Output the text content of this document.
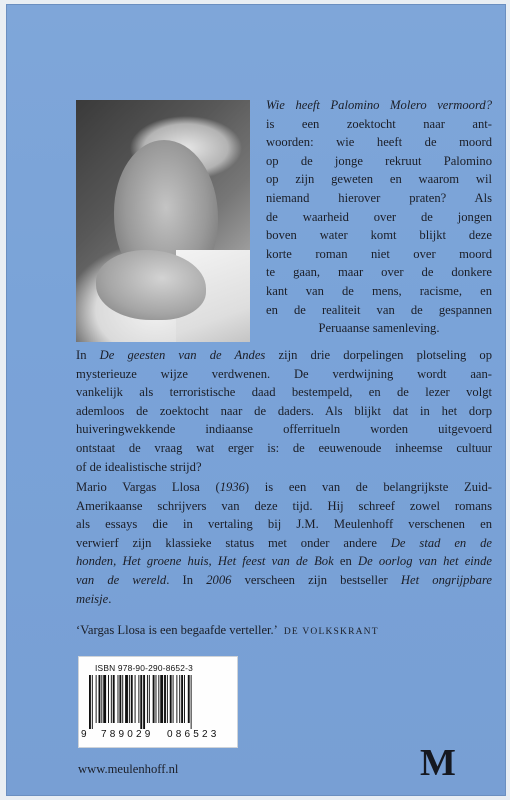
Wie heeft Palomino Molero vermoord?
is een zoektocht naar ant-
woorden: wie heeft de moord
op de jonge rekruut Palomino
op zijn geweten en waarom wil
niemand hierover praten? Als
de waarheid over de jongen
boven water komt blijkt deze
korte roman niet over moord
te gaan, maar over de donkere
kant van de mens, racisme, en
en de realiteit van de gespannen
Peruaanse samenleving.
In De geesten van de Andes zijn drie dorpelingen plotseling op
mysterieuze wijze verdwenen. De verdwijning wordt aan-
vankelijk als terroristische daad bestempeld, en de lezer volgt
ademloos de zoektocht naar de daders. Als blijkt dat in het dorp
huiveringwekkende indiaanse offerritueln worden uitgevoerd
ontstaat de vraag wat erger is: de eeuwenoude inheemse cultuur
of de idealistische strijd?
Mario Vargas Llosa (1936) is een van de belangrijkste Zuid-
Amerikaanse schrijvers van deze tijd. Hij schreef zowel romans
als essays die in vertaling bij J.M. Meulenhoff verschenen en
verwierf zijn klassieke status met onder andere De stad en de
honden, Het groene huis, Het feest van de Bok en De oorlog van het einde
van de wereld. In 2006 verscheen zijn bestseller Het ongrijpbare
meisje.
‘Vargas Llosa is een begaafde verteller.’ DE VOLKSKRANT
ISBN 978-90-290-8652-3
9 789029 086523
www.meulenhoff.nl	M
